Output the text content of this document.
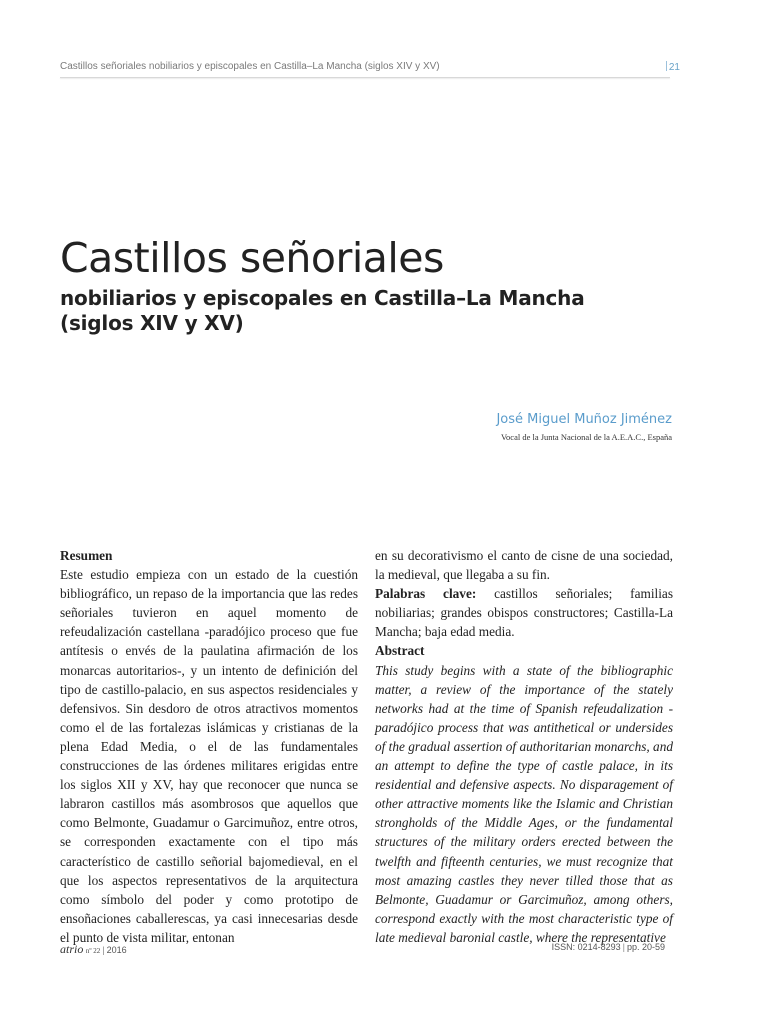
Castillos señoriales nobiliarios y episcopales en Castilla–La Mancha (siglos XIV y XV)	21
Castillos señoriales
nobiliarios y episcopales en Castilla–La Mancha
(siglos XIV y XV)
José Miguel Muñoz Jiménez
Vocal de la Junta Nacional de la A.E.A.C., España
Resumen

Este estudio empieza con un estado de la cuestión bibliográfico, un repaso de la importancia que las redes señoriales tuvieron en aquel momento de refeudalización castellana -paradójico proceso que fue antítesis o envés de la paulatina afirmación de los monarcas autoritarios-, y un intento de definición del tipo de castillo-palacio, en sus aspectos residenciales y defensivos. Sin desdoro de otros atractivos momentos como el de las fortalezas islámicas y cristianas de la plena Edad Media, o el de las fundamentales construcciones de las órdenes militares erigidas entre los siglos XII y XV, hay que reconocer que nunca se labraron castillos más asombrosos que aquellos que como Belmonte, Guadamur o Garcimuñoz, entre otros, se corresponden exactamente con el tipo más característico de castillo señorial bajomedieval, en el que los aspectos representativos de la arquitectura como símbolo del poder y como prototipo de ensoñaciones caballerescas, ya casi innecesarias desde el punto de vista militar, entonan

en su decorativismo el canto de cisne de una sociedad, la medieval, que llegaba a su fin.

Palabras clave: castillos señoriales; familias nobiliarias; grandes obispos constructores; Castilla-La Mancha; baja edad media.

Abstract

This study begins with a state of the bibliographic matter, a review of the importance of the stately networks had at the time of Spanish refeudalization -paradójico process that was antithetical or undersides of the gradual assertion of authoritarian monarchs, and an attempt to define the type of castle palace, in its residential and defensive aspects. No disparagement of other attractive moments like the Islamic and Christian strongholds of the Middle Ages, or the fundamental structures of the military orders erected between the twelfth and fifteenth centuries, we must recognize that most amazing castles they never tilled those that as Belmonte, Guadamur or Garcimuñoz, among others, correspond exactly with the most characteristic type of late medieval baronial castle, where the representative

atrio nº 22 | 2016	ISSN: 0214-8293 | pp. 20-59
